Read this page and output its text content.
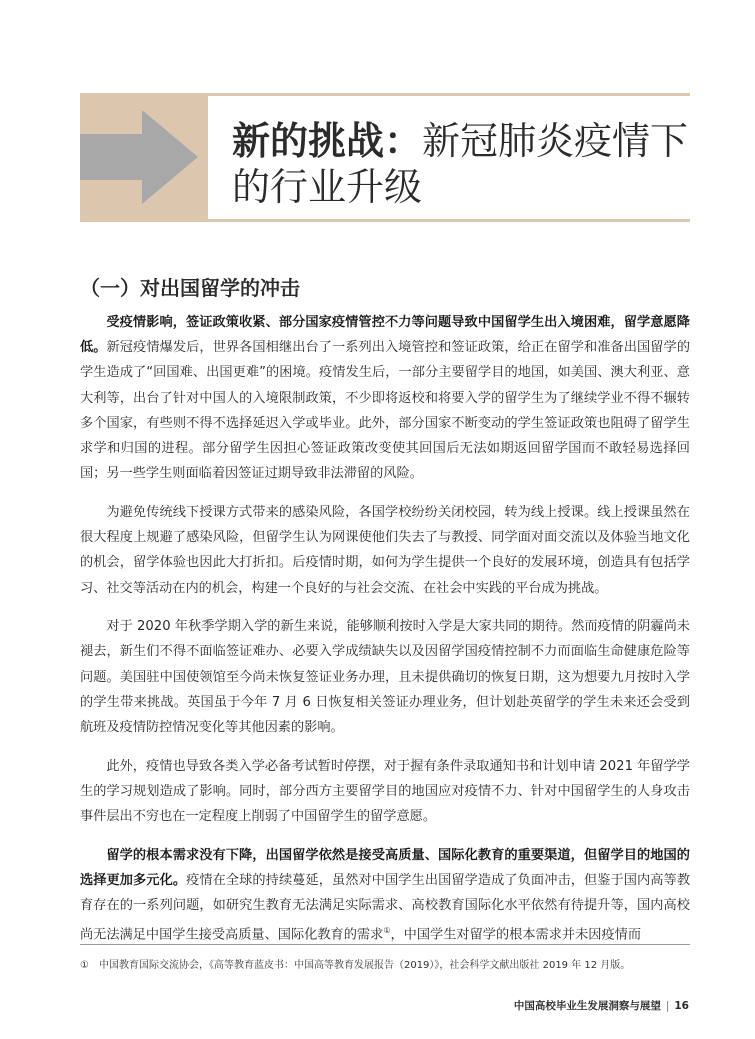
新的挑战：新冠肺炎疫情下的行业升级
（一）对出国留学的冲击

受疫情影响，签证政策收紧、部分国家疫情管控不力等问题导致中国留学生出入境困难，留学意愿降低。新冠疫情爆发后，世界各国相继出台了一系列出入境管控和签证政策，给正在留学和准备出国留学的学生造成了“回国难、出国更难”的困境。疫情发生后，一部分主要留学目的地国，如美国、澳大利亚、意大利等，出台了针对中国人的入境限制政策，不少即将返校和将要入学的留学生为了继续学业不得不辗转多个国家，有些则不得不选择延迟入学或毕业。此外，部分国家不断变动的学生签证政策也阻碍了留学生求学和归国的进程。部分留学生因担心签证政策改变使其回国后无法如期返回留学国而不敢轻易选择回国；另一些学生则面临着因签证过期导致非法滞留的风险。

为避免传统线下授课方式带来的感染风险，各国学校纷纷关闭校园，转为线上授课。线上授课虽然在很大程度上规避了感染风险，但留学生认为网课使他们失去了与教授、同学面对面交流以及体验当地文化的机会，留学体验也因此大打折扣。后疫情时期，如何为学生提供一个良好的发展环境，创造具有包括学习、社交等活动在内的机会，构建一个良好的与社会交流、在社会中实践的平台成为挑战。

对于 2020 年秋季学期入学的新生来说，能够顺利按时入学是大家共同的期待。然而疫情的阴霾尚未褪去，新生们不得不面临签证难办、必要入学成绩缺失以及因留学国疫情控制不力而面临生命健康危险等问题。美国驻中国使领馆至今尚未恢复签证业务办理，且未提供确切的恢复日期，这为想要九月按时入学的学生带来挑战。英国虽于今年 7 月 6 日恢复相关签证办理业务，但计划赴英留学的学生未来还会受到航班及疫情防控情况变化等其他因素的影响。

此外，疫情也导致各类入学必备考试暂时停摆，对于握有条件录取通知书和计划申请 2021 年留学学生的学习规划造成了影响。同时，部分西方主要留学目的地国应对疫情不力、针对中国留学生的人身攻击事件层出不穷也在一定程度上削弱了中国留学生的留学意愿。

留学的根本需求没有下降，出国留学依然是接受高质量、国际化教育的重要渠道，但留学目的地国的选择更加多元化。疫情在全球的持续蔓延，虽然对中国学生出国留学造成了负面冲击，但鉴于国内高等教育存在的一系列问题，如研究生教育无法满足实际需求、高校教育国际化水平依然有待提升等，国内高校尚无法满足中国学生接受高质量、国际化教育的需求①，中国学生对留学的根本需求并未因疫情而

①　中国教育国际交流协会，《高等教育蓝皮书：中国高等教育发展报告（2019）》，社会科学文献出版社 2019 年 12 月版。
中国高校毕业生发展洞察与展望 | 16
